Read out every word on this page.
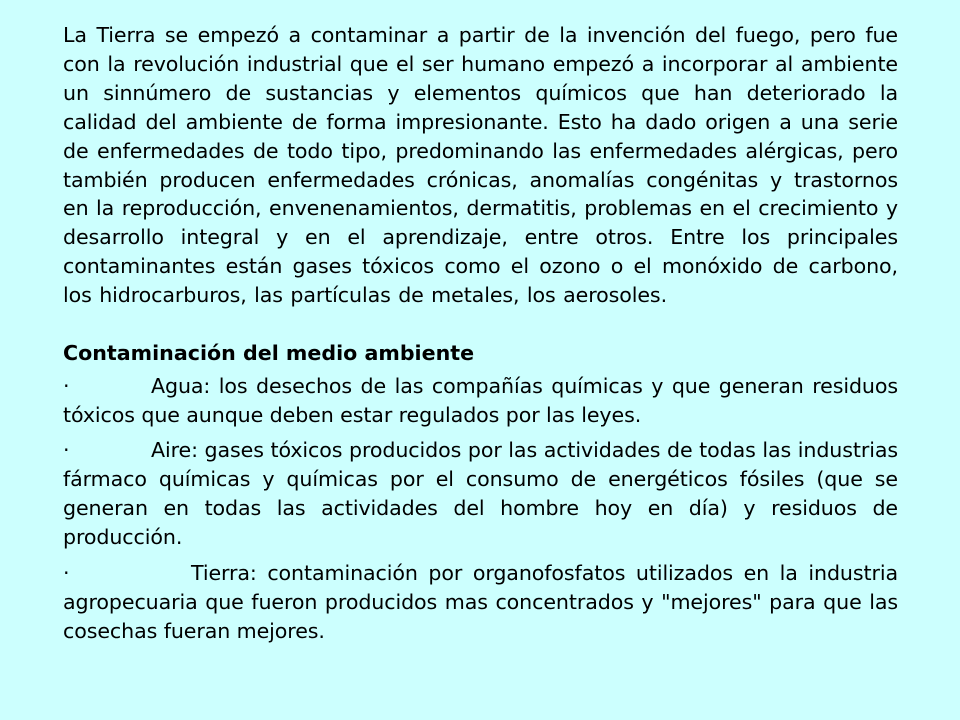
La Tierra se empezó a contaminar a partir de la invención del fuego, pero fue con la revolución industrial que el ser humano empezó a incorporar al ambiente un sinnúmero de sustancias y elementos químicos que han deteriorado la calidad del ambiente de forma impresionante. Esto ha dado origen a una serie de enfermedades de todo tipo, predominando las enfermedades alérgicas, pero también producen enfermedades crónicas, anomalías congénitas y trastornos en la reproducción, envenenamientos, dermatitis, problemas en el crecimiento y desarrollo integral y en el aprendizaje, entre otros. Entre los principales contaminantes están gases tóxicos como el ozono o el monóxido de carbono, los hidrocarburos, las partículas de metales, los aerosoles.

Contaminación del medio ambiente

·	Agua: los desechos de las compañías químicas y que generan residuos tóxicos que aunque deben estar regulados por las leyes.

·	Aire: gases tóxicos producidos por las actividades de todas las industrias fármaco químicas y químicas por el consumo de energéticos fósiles (que se generan en todas las actividades del hombre hoy en día) y residuos de producción.

·	Tierra: contaminación por organofosfatos utilizados en la industria agropecuaria que fueron producidos mas concentrados y "mejores" para que las cosechas fueran mejores.
